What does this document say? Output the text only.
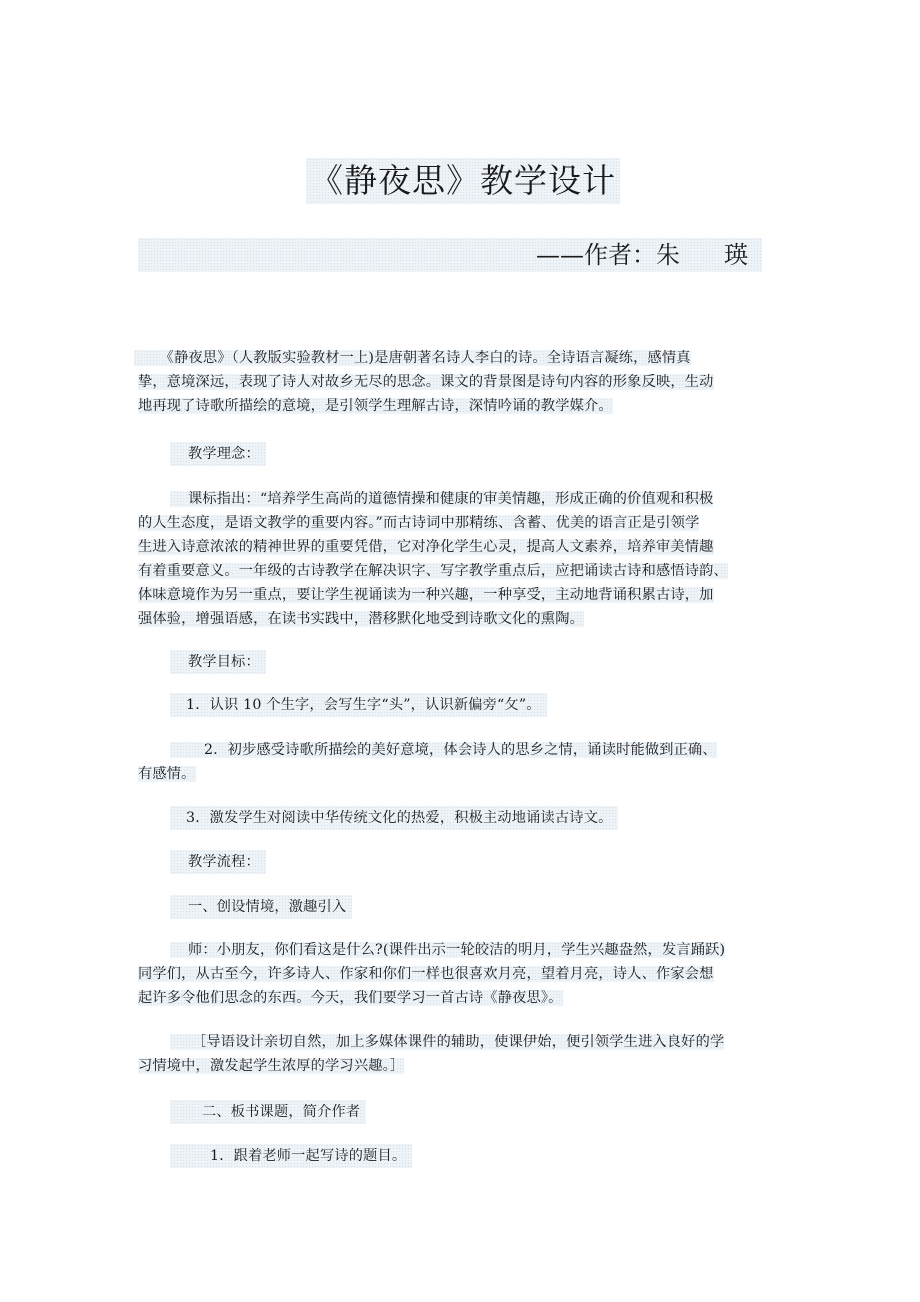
《静夜思》教学设计
——作者：朱 瑛
　　《静夜思》（人教版实验教材一上)是唐朝著名诗人李白的诗。全诗语言凝练，感情真
挚，意境深远，表现了诗人对故乡无尽的思念。课文的背景图是诗句内容的形象反映，生动
地再现了诗歌所描绘的意境，是引领学生理解古诗，深情吟诵的教学媒介。
教学理念：
课标指出：“培养学生高尚的道德情操和健康的审美情趣，形成正确的价值观和积极
的人生态度，是语文教学的重要内容。”而古诗词中那精练、含蓄、优美的语言正是引领学
生进入诗意浓浓的精神世界的重要凭借，它对净化学生心灵，提高人文素养，培养审美情趣
有着重要意义。一年级的古诗教学在解决识字、写字教学重点后，应把诵读古诗和感悟诗韵、
体味意境作为另一重点，要让学生视诵读为一种兴趣，一种享受，主动地背诵积累古诗，加
强体验，增强语感，在读书实践中，潜移默化地受到诗歌文化的熏陶。
教学目标：
1．认识 10 个生字，会写生字“头”，认识新偏旁“攵”。
2．初步感受诗歌所描绘的美好意境，体会诗人的思乡之情，诵读时能做到正确、
有感情。
3．激发学生对阅读中华传统文化的热爱，积极主动地诵读古诗文。
教学流程：
一、创设情境，激趣引入
师：小朋友，你们看这是什么?(课件出示一轮皎洁的明月，学生兴趣盎然，发言踊跃)
同学们，从古至今，许多诗人、作家和你们一样也很喜欢月亮，望着月亮，诗人、作家会想
起许多令他们思念的东西。今天，我们要学习一首古诗《静夜思》。
［导语设计亲切自然，加上多媒体课件的辅助，使课伊始，便引领学生进入良好的学
习情境中，激发起学生浓厚的学习兴趣。］
二、板书课题，简介作者
1．跟着老师一起写诗的题目。
